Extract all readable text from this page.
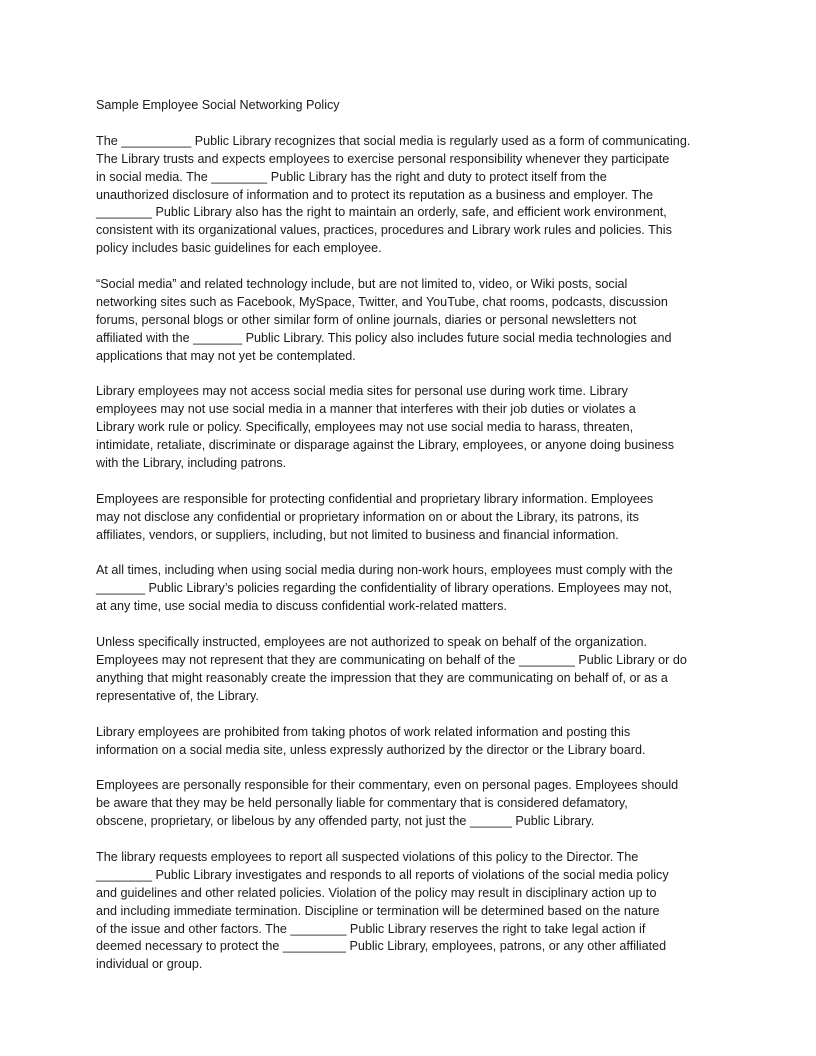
Sample Employee Social Networking Policy

The __________ Public Library recognizes that social media is regularly used as a form of communicating.
The Library trusts and expects employees to exercise personal responsibility whenever they participate
in social media. The ________ Public Library has the right and duty to protect itself from the
unauthorized disclosure of information and to protect its reputation as a business and employer. The
________ Public Library also has the right to maintain an orderly, safe, and efficient work environment,
consistent with its organizational values, practices, procedures and Library work rules and policies. This
policy includes basic guidelines for each employee.
“Social media” and related technology include, but are not limited to, video, or Wiki posts, social
networking sites such as Facebook, MySpace, Twitter, and YouTube, chat rooms, podcasts, discussion
forums, personal blogs or other similar form of online journals, diaries or personal newsletters not
affiliated with the _______ Public Library. This policy also includes future social media technologies and
applications that may not yet be contemplated.
Library employees may not access social media sites for personal use during work time. Library
employees may not use social media in a manner that interferes with their job duties or violates a
Library work rule or policy. Specifically, employees may not use social media to harass, threaten,
intimidate, retaliate, discriminate or disparage against the Library, employees, or anyone doing business
with the Library, including patrons.
Employees are responsible for protecting confidential and proprietary library information. Employees
may not disclose any confidential or proprietary information on or about the Library, its patrons, its
affiliates, vendors, or suppliers, including, but not limited to business and financial information.
At all times, including when using social media during non-work hours, employees must comply with the
_______ Public Library’s policies regarding the confidentiality of library operations. Employees may not,
at any time, use social media to discuss confidential work-related matters.
Unless specifically instructed, employees are not authorized to speak on behalf of the organization.
Employees may not represent that they are communicating on behalf of the ________ Public Library or do
anything that might reasonably create the impression that they are communicating on behalf of, or as a
representative of, the Library.
Library employees are prohibited from taking photos of work related information and posting this
information on a social media site, unless expressly authorized by the director or the Library board.
Employees are personally responsible for their commentary, even on personal pages. Employees should
be aware that they may be held personally liable for commentary that is considered defamatory,
obscene, proprietary, or libelous by any offended party, not just the ______ Public Library.
The library requests employees to report all suspected violations of this policy to the Director. The
________ Public Library investigates and responds to all reports of violations of the social media policy
and guidelines and other related policies. Violation of the policy may result in disciplinary action up to
and including immediate termination. Discipline or termination will be determined based on the nature
of the issue and other factors. The ________ Public Library reserves the right to take legal action if
deemed necessary to protect the _________ Public Library, employees, patrons, or any other affiliated
individual or group.
